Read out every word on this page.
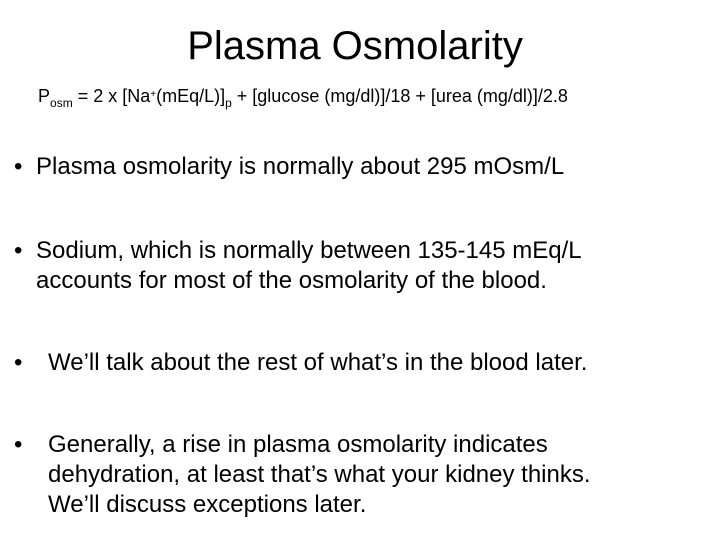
Plasma Osmolarity
$P_{osm} = 2$ x $[Na^+(mEq/L)]_p + [glucose$ (mg/dl)]/18 + [urea (mg/dl)]/2.8
• Plasma osmolarity is normally about 295 mOsm/L
• Sodium, which is normally between 135-145 mEq/L
accounts for most of the osmolarity of the blood.
• We’ll talk about the rest of what’s in the blood later.
• Generally, a rise in plasma osmolarity indicates
dehydration, at least that’s what your kidney thinks.
We’ll discuss exceptions later.
